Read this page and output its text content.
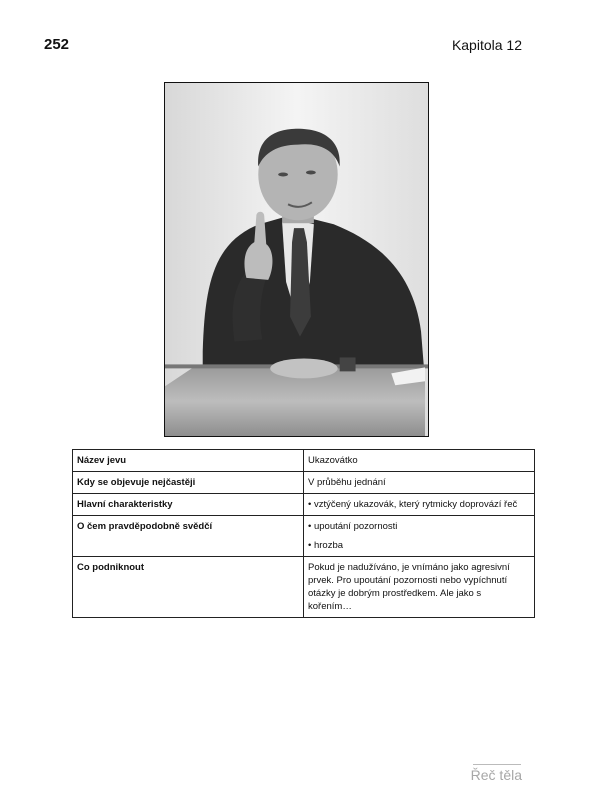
252	Kapitola 12
Název jevu	Ukazovátko
Kdy se objevuje nejčastěji	V průběhu jednání
Hlavní charakteristky	• vztýčený ukazovák, který rytmicky doprovází řeč

O čem pravděpodobně svědčí	• upoutání pozornosti
• hrozba

Co podniknout	Pokud je nadužíváno, je vnímáno jako agresivní prvek. Pro upoutání pozornosti nebo vypíchnutí otázky je dobrým prostředkem. Ale jako s kořením…
Řeč těla
